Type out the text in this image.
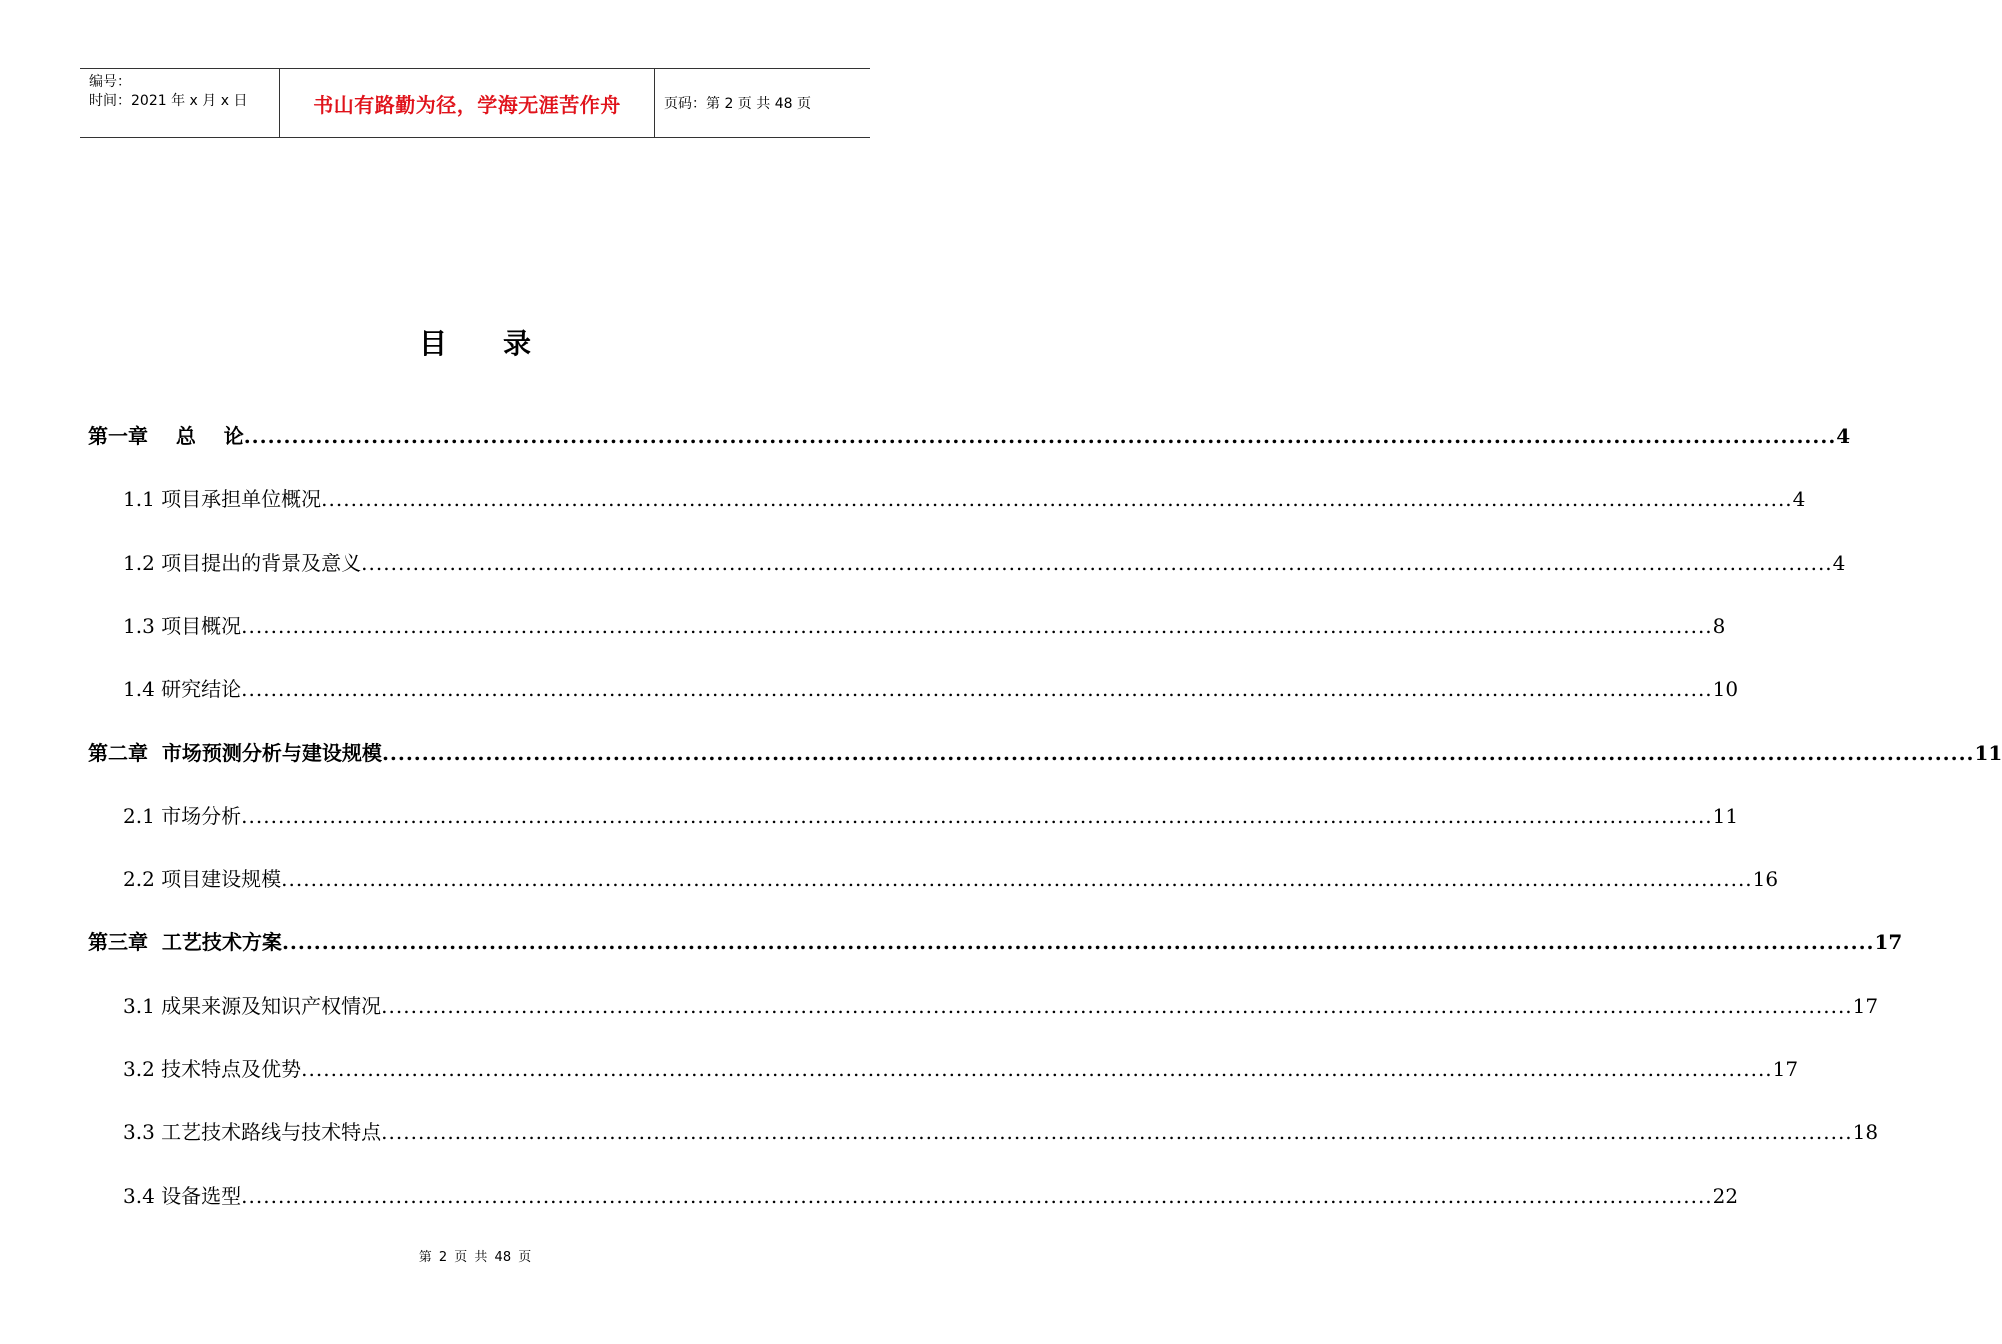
编号：
时间：2021 年 x 月 x 日	书山有路勤为径，学海无涯苦作舟	页码：第 2 页 共 48 页
目录
第一章    总    论 ........................................................................................................................................................................................................ 4
1.1 项目承担单位概况 ........................................................................................................................................................................................................ 4
1.2 项目提出的背景及意义 ........................................................................................................................................................................................................ 4
1.3 项目概况 ........................................................................................................................................................................................................ 8
1.4 研究结论 ........................................................................................................................................................................................................ 10
第二章  市场预测分析与建设规模 ........................................................................................................................................................................................................ 11
2.1 市场分析 ........................................................................................................................................................................................................ 11
2.2 项目建设规模 ........................................................................................................................................................................................................ 16
第三章  工艺技术方案 ........................................................................................................................................................................................................ 17
3.1 成果来源及知识产权情况 ........................................................................................................................................................................................................ 17
3.2 技术特点及优势 ........................................................................................................................................................................................................ 17
3.3 工艺技术路线与技术特点 ........................................................................................................................................................................................................ 18
3.4 设备选型 ........................................................................................................................................................................................................ 22
第 2 页 共 48 页
